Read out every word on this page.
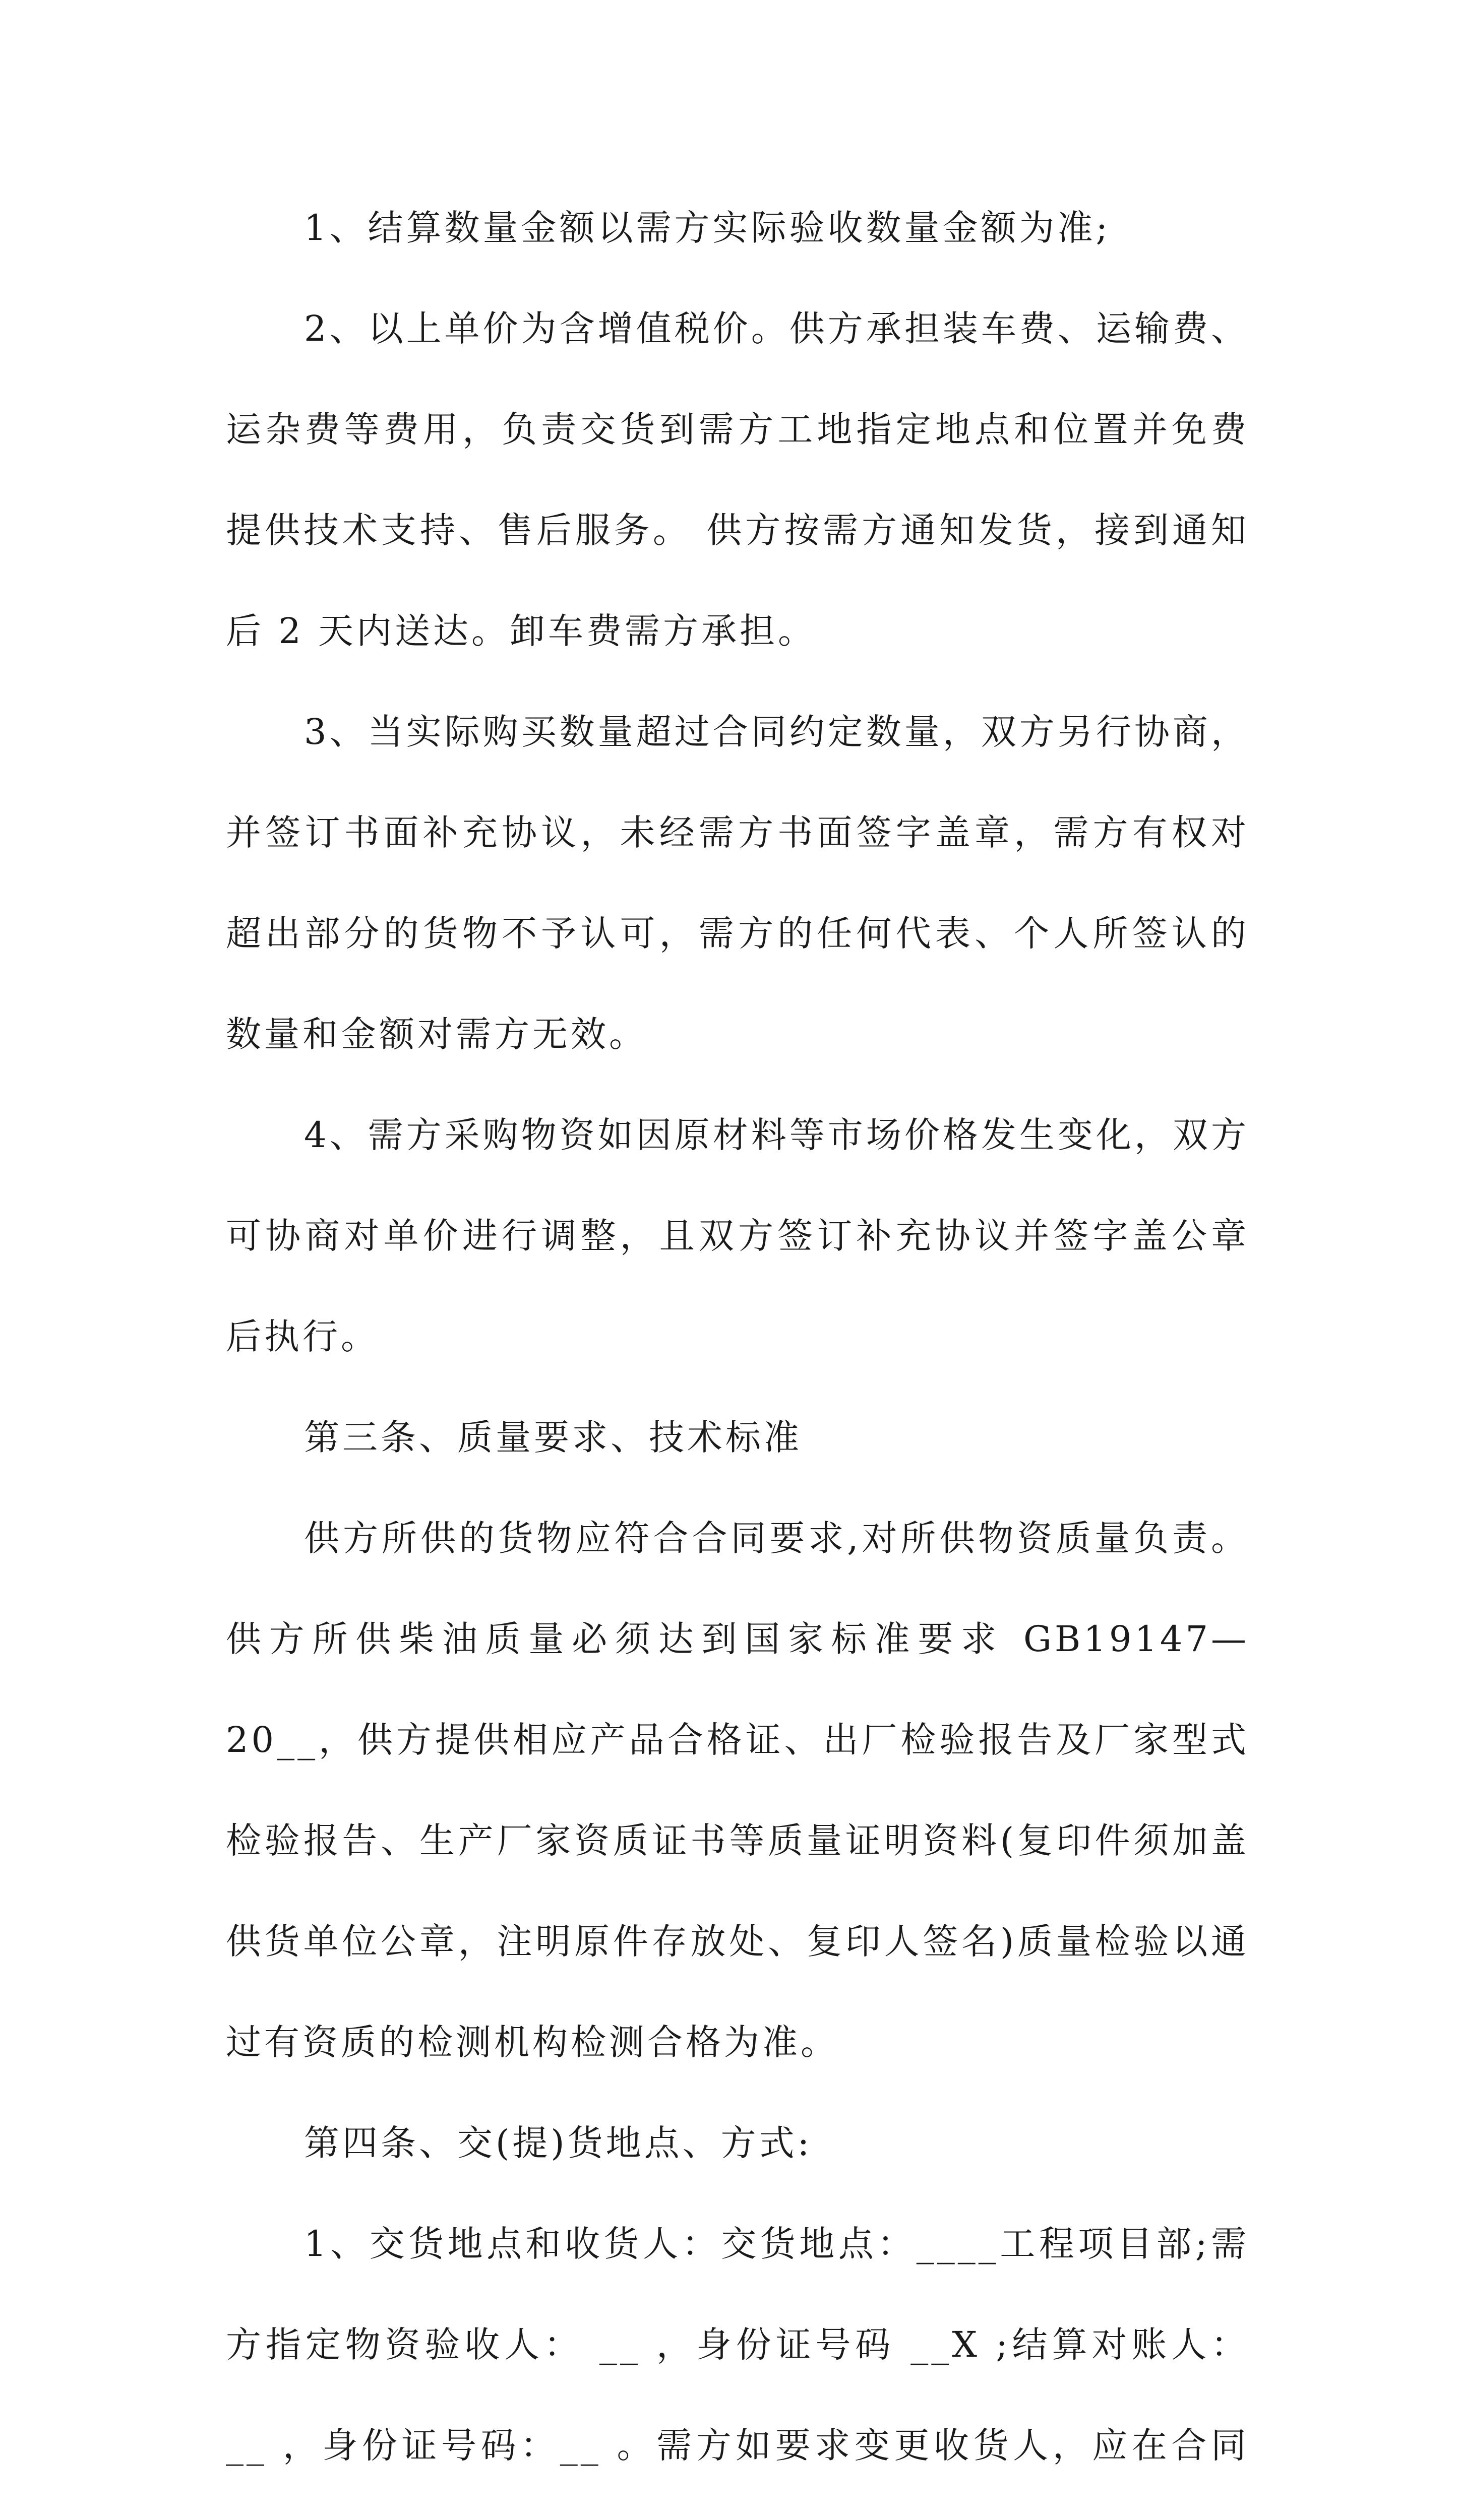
1、结算数量金额以需方实际验收数量金额为准;

2、以上单价为含增值税价。供方承担装车费、运输费、运杂费等费用，负责交货到需方工地指定地点和位置并免费提供技术支持、售后服务。 供方按需方通知发货，接到通知后 2 天内送达。卸车费需方承担。

3、当实际购买数量超过合同约定数量，双方另行协商，并签订书面补充协议，未经需方书面签字盖章，需方有权对超出部分的货物不予认可，需方的任何代表、个人所签认的数量和金额对需方无效。

4、需方采购物资如因原材料等市场价格发生变化，双方可协商对单价进行调整，且双方签订补充协议并签字盖公章后执行。

第三条、质量要求、技术标准

供方所供的货物应符合合同要求,对所供物资质量负责。供方所供柴油质量必须达到国家标准要求 GB19147—20__，供方提供相应产品合格证、出厂检验报告及厂家型式检验报告、生产厂家资质证书等质量证明资料(复印件须加盖供货单位公章，注明原件存放处、复印人签名)质量检验以通过有资质的检测机构检测合格为准。

第四条、交(提)货地点、方式:

1、交货地点和收货人：交货地点：____工程项目部;需方指定物资验收人： __ ，身份证号码 __X ;结算对账人：__ ，身份证号码：__ 。需方如要求变更收货人，应在合同
